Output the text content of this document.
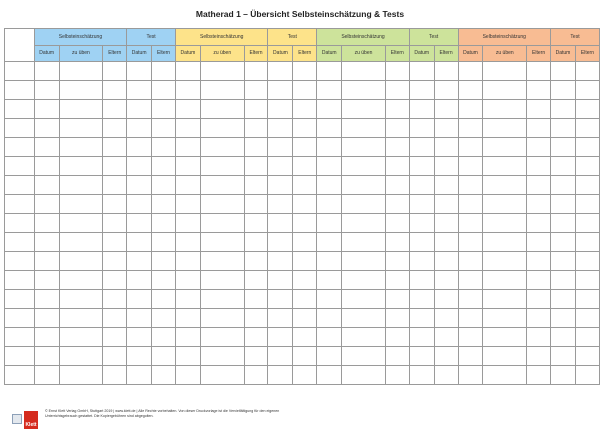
Matherad 1 – Übersicht Selbsteinschätzung & Tests
	Selbsteinschätzung			Test		Selbsteinschätzung			Test		Selbsteinschätzung			Test		Selbsteinschätzung			Test	
	Datum	zu üben	Eltern	Datum	Eltern	Datum	zu üben	Eltern	Datum	Eltern	Datum	zu üben	Eltern	Datum	Eltern	Datum	zu üben	Eltern	Datum	Eltern

Klett
© Ernst Klett Verlag GmbH, Stuttgart 2019 | www.klett.de | Alle Rechte vorbehalten. Von dieser Druckvorlage ist die Vervielfältigung für den eigenen Unterrichtsgebrauch gestattet. Die Kopiergebühren sind abgegolten.
